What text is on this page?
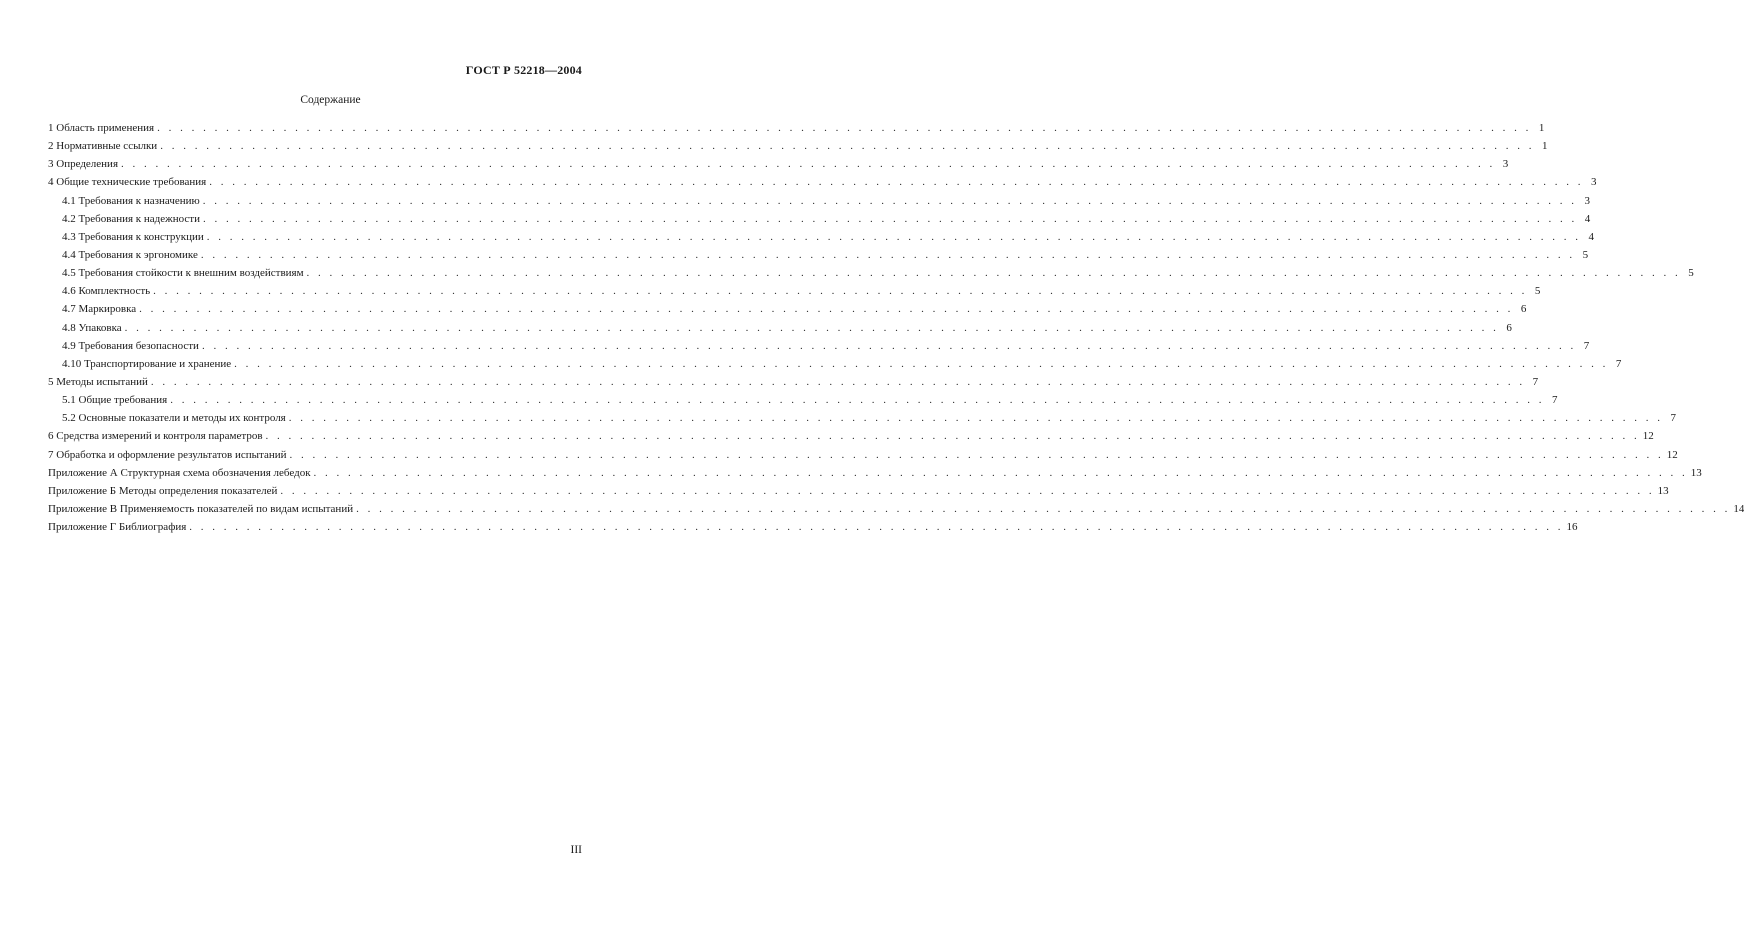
ГОСТ Р 52218—2004
Содержание
1 Область применения . . . . . . . . . . . . . . . . . . . . . . . . . . . . . . . . . . . . . . . . . . . . . . . . . . . . . . . . . . . . . . . . . . . . . . . . . . . . . . . . . . . . . . . . . . . . . . . . . . . . . . . . . . . . . . . . . . . . . . . . 1
2 Нормативные ссылки . . . . . . . . . . . . . . . . . . . . . . . . . . . . . . . . . . . . . . . . . . . . . . . . . . . . . . . . . . . . . . . . . . . . . . . . . . . . . . . . . . . . . . . . . . . . . . . . . . . . . . . . . . . . . . . . . . . . . . . . 1
3 Определения . . . . . . . . . . . . . . . . . . . . . . . . . . . . . . . . . . . . . . . . . . . . . . . . . . . . . . . . . . . . . . . . . . . . . . . . . . . . . . . . . . . . . . . . . . . . . . . . . . . . . . . . . . . . . . . . . . . . . . . . 3
4 Общие технические требования . . . . . . . . . . . . . . . . . . . . . . . . . . . . . . . . . . . . . . . . . . . . . . . . . . . . . . . . . . . . . . . . . . . . . . . . . . . . . . . . . . . . . . . . . . . . . . . . . . . . . . . . . . . . . . . . . . . . . . . . 3
4.1 Требования к назначению . . . . . . . . . . . . . . . . . . . . . . . . . . . . . . . . . . . . . . . . . . . . . . . . . . . . . . . . . . . . . . . . . . . . . . . . . . . . . . . . . . . . . . . . . . . . . . . . . . . . . . . . . . . . . . . . . . . . . . . . 3
4.2 Требования к надежности . . . . . . . . . . . . . . . . . . . . . . . . . . . . . . . . . . . . . . . . . . . . . . . . . . . . . . . . . . . . . . . . . . . . . . . . . . . . . . . . . . . . . . . . . . . . . . . . . . . . . . . . . . . . . . . . . . . . . . . . 4
4.3 Требования к конструкции . . . . . . . . . . . . . . . . . . . . . . . . . . . . . . . . . . . . . . . . . . . . . . . . . . . . . . . . . . . . . . . . . . . . . . . . . . . . . . . . . . . . . . . . . . . . . . . . . . . . . . . . . . . . . . . . . . . . . . . . 4
4.4 Требования к эргономике . . . . . . . . . . . . . . . . . . . . . . . . . . . . . . . . . . . . . . . . . . . . . . . . . . . . . . . . . . . . . . . . . . . . . . . . . . . . . . . . . . . . . . . . . . . . . . . . . . . . . . . . . . . . . . . . . . . . . . . . 5
4.5 Требования стойкости к внешним воздействиям . . . . . . . . . . . . . . . . . . . . . . . . . . . . . . . . . . . . . . . . . . . . . . . . . . . . . . . . . . . . . . . . . . . . . . . . . . . . . . . . . . . . . . . . . . . . . . . . . . . . . . . . . . . . . . . . . . . . . . . . 5
4.6 Комплектность . . . . . . . . . . . . . . . . . . . . . . . . . . . . . . . . . . . . . . . . . . . . . . . . . . . . . . . . . . . . . . . . . . . . . . . . . . . . . . . . . . . . . . . . . . . . . . . . . . . . . . . . . . . . . . . . . . . . . . . . 5
4.7 Маркировка . . . . . . . . . . . . . . . . . . . . . . . . . . . . . . . . . . . . . . . . . . . . . . . . . . . . . . . . . . . . . . . . . . . . . . . . . . . . . . . . . . . . . . . . . . . . . . . . . . . . . . . . . . . . . . . . . . . . . . . . 6
4.8 Упаковка . . . . . . . . . . . . . . . . . . . . . . . . . . . . . . . . . . . . . . . . . . . . . . . . . . . . . . . . . . . . . . . . . . . . . . . . . . . . . . . . . . . . . . . . . . . . . . . . . . . . . . . . . . . . . . . . . . . . . . . . 6
4.9 Требования безопасности . . . . . . . . . . . . . . . . . . . . . . . . . . . . . . . . . . . . . . . . . . . . . . . . . . . . . . . . . . . . . . . . . . . . . . . . . . . . . . . . . . . . . . . . . . . . . . . . . . . . . . . . . . . . . . . . . . . . . . . . 7
4.10 Транспортирование и хранение . . . . . . . . . . . . . . . . . . . . . . . . . . . . . . . . . . . . . . . . . . . . . . . . . . . . . . . . . . . . . . . . . . . . . . . . . . . . . . . . . . . . . . . . . . . . . . . . . . . . . . . . . . . . . . . . . . . . . . . . 7
5 Методы испытаний . . . . . . . . . . . . . . . . . . . . . . . . . . . . . . . . . . . . . . . . . . . . . . . . . . . . . . . . . . . . . . . . . . . . . . . . . . . . . . . . . . . . . . . . . . . . . . . . . . . . . . . . . . . . . . . . . . . . . . . . 7
5.1 Общие требования . . . . . . . . . . . . . . . . . . . . . . . . . . . . . . . . . . . . . . . . . . . . . . . . . . . . . . . . . . . . . . . . . . . . . . . . . . . . . . . . . . . . . . . . . . . . . . . . . . . . . . . . . . . . . . . . . . . . . . . . 7
5.2 Основные показатели и методы их контроля . . . . . . . . . . . . . . . . . . . . . . . . . . . . . . . . . . . . . . . . . . . . . . . . . . . . . . . . . . . . . . . . . . . . . . . . . . . . . . . . . . . . . . . . . . . . . . . . . . . . . . . . . . . . . . . . . . . . . . . . 7
6 Средства измерений и контроля параметров . . . . . . . . . . . . . . . . . . . . . . . . . . . . . . . . . . . . . . . . . . . . . . . . . . . . . . . . . . . . . . . . . . . . . . . . . . . . . . . . . . . . . . . . . . . . . . . . . . . . . . . . . . . . . . . . . . . . . . . . 12
7 Обработка и оформление результатов испытаний . . . . . . . . . . . . . . . . . . . . . . . . . . . . . . . . . . . . . . . . . . . . . . . . . . . . . . . . . . . . . . . . . . . . . . . . . . . . . . . . . . . . . . . . . . . . . . . . . . . . . . . . . . . . . . . . . . . . . . . . 12
Приложение А Структурная схема обозначения лебедок . . . . . . . . . . . . . . . . . . . . . . . . . . . . . . . . . . . . . . . . . . . . . . . . . . . . . . . . . . . . . . . . . . . . . . . . . . . . . . . . . . . . . . . . . . . . . . . . . . . . . . . . . . . . . . . . . . . . . . . . 13
Приложение Б Методы определения показателей . . . . . . . . . . . . . . . . . . . . . . . . . . . . . . . . . . . . . . . . . . . . . . . . . . . . . . . . . . . . . . . . . . . . . . . . . . . . . . . . . . . . . . . . . . . . . . . . . . . . . . . . . . . . . . . . . . . . . . . . 13
Приложение В Применяемость показателей по видам испытаний . . . . . . . . . . . . . . . . . . . . . . . . . . . . . . . . . . . . . . . . . . . . . . . . . . . . . . . . . . . . . . . . . . . . . . . . . . . . . . . . . . . . . . . . . . . . . . . . . . . . . . . . . . . . . . . . . . . . . . . . 14
Приложение Г Библиография . . . . . . . . . . . . . . . . . . . . . . . . . . . . . . . . . . . . . . . . . . . . . . . . . . . . . . . . . . . . . . . . . . . . . . . . . . . . . . . . . . . . . . . . . . . . . . . . . . . . . . . . . . . . . . . . . . . . . . . . 16
III
